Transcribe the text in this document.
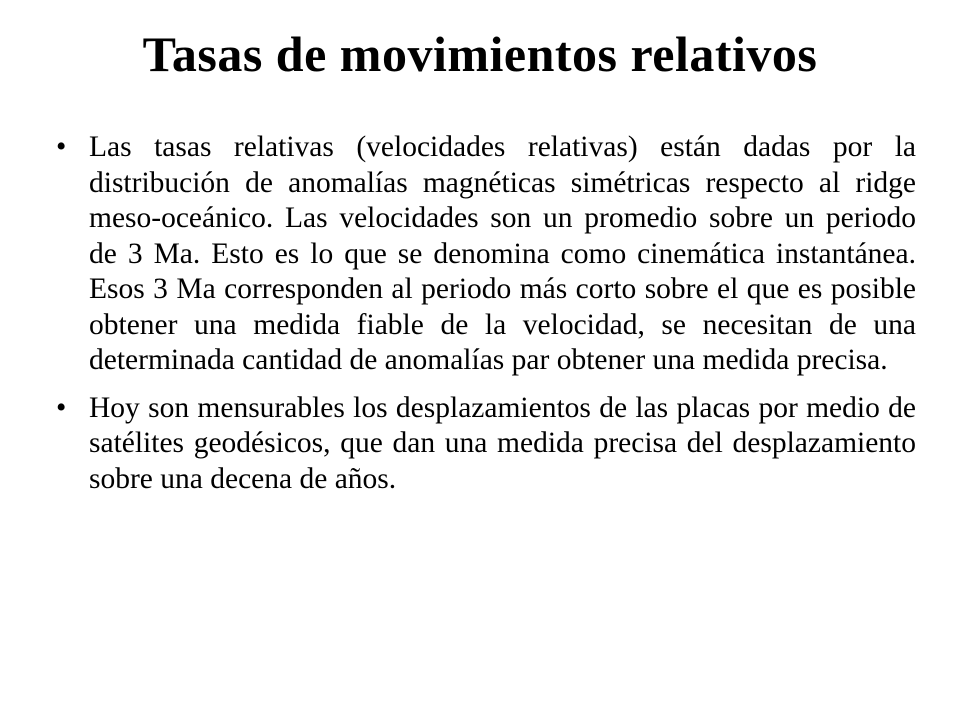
Tasas de movimientos relativos
• Las tasas relativas (velocidades relativas) están dadas por la distribución de anomalías magnéticas simétricas respecto al ridge meso-oceánico. Las velocidades son un promedio sobre un periodo de 3 Ma. Esto es lo que se denomina como cinemática instantánea. Esos 3 Ma corresponden al periodo más corto sobre el que es posible obtener una medida fiable de la velocidad, se necesitan de una determinada cantidad de anomalías par obtener una medida precisa.
• Hoy son mensurables los desplazamientos de las placas por medio de satélites geodésicos, que dan una medida precisa del desplazamiento sobre una decena de años.
